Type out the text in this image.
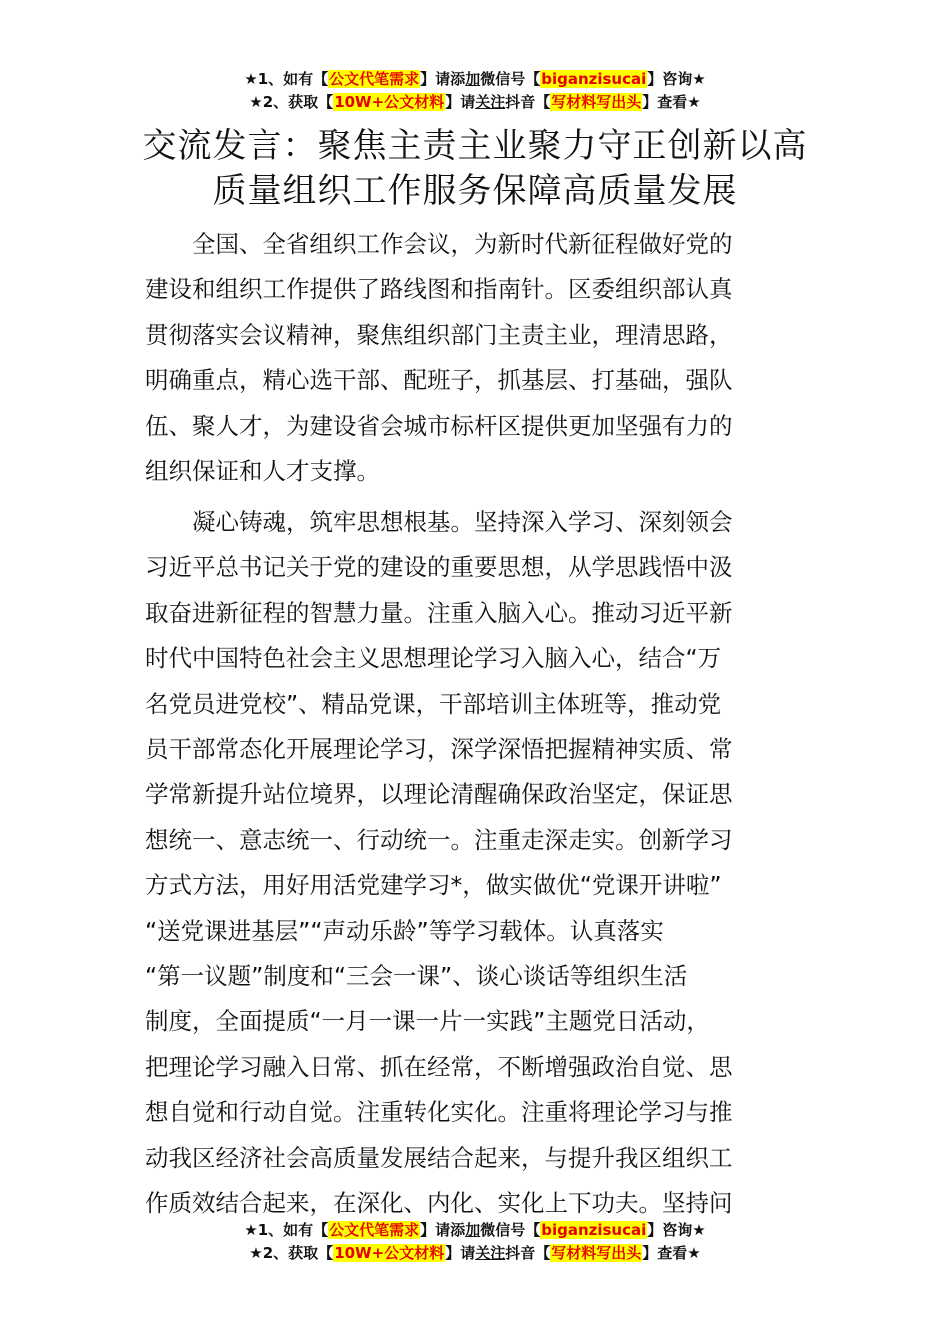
★1、如有【公文代笔需求】请添加微信号【biganzisucai】咨询★
★2、获取【10W+公文材料】请关注抖音【写材料写出头】查看★
交流发言：聚焦主责主业聚力守正创新以高
质量组织工作服务保障高质量发展
全国、全省组织工作会议，为新时代新征程做好党的
建设和组织工作提供了路线图和指南针。区委组织部认真
贯彻落实会议精神，聚焦组织部门主责主业，理清思路，
明确重点，精心选干部、配班子，抓基层、打基础，强队
伍、聚人才，为建设省会城市标杆区提供更加坚强有力的
组织保证和人才支撑。
凝心铸魂，筑牢思想根基。坚持深入学习、深刻领会
习近平总书记关于党的建设的重要思想，从学思践悟中汲
取奋进新征程的智慧力量。注重入脑入心。推动习近平新
时代中国特色社会主义思想理论学习入脑入心，结合“万
名党员进党校”、精品党课，干部培训主体班等，推动党
员干部常态化开展理论学习，深学深悟把握精神实质、常
学常新提升站位境界，以理论清醒确保政治坚定，保证思
想统一、意志统一、行动统一。注重走深走实。创新学习
方式方法，用好用活党建学习*，做实做优“党课开讲啦”
“送党课进基层”“声动乐龄”等学习载体。认真落实
“第一议题”制度和“三会一课”、谈心谈话等组织生活
制度，全面提质“一月一课一片一实践”主题党日活动，
把理论学习融入日常、抓在经常，不断增强政治自觉、思
想自觉和行动自觉。注重转化实化。注重将理论学习与推
动我区经济社会高质量发展结合起来，与提升我区组织工
作质效结合起来，在深化、内化、实化上下功夫。坚持问
★1、如有【公文代笔需求】请添加微信号【biganzisucai】咨询★
★2、获取【10W+公文材料】请关注抖音【写材料写出头】查看★
